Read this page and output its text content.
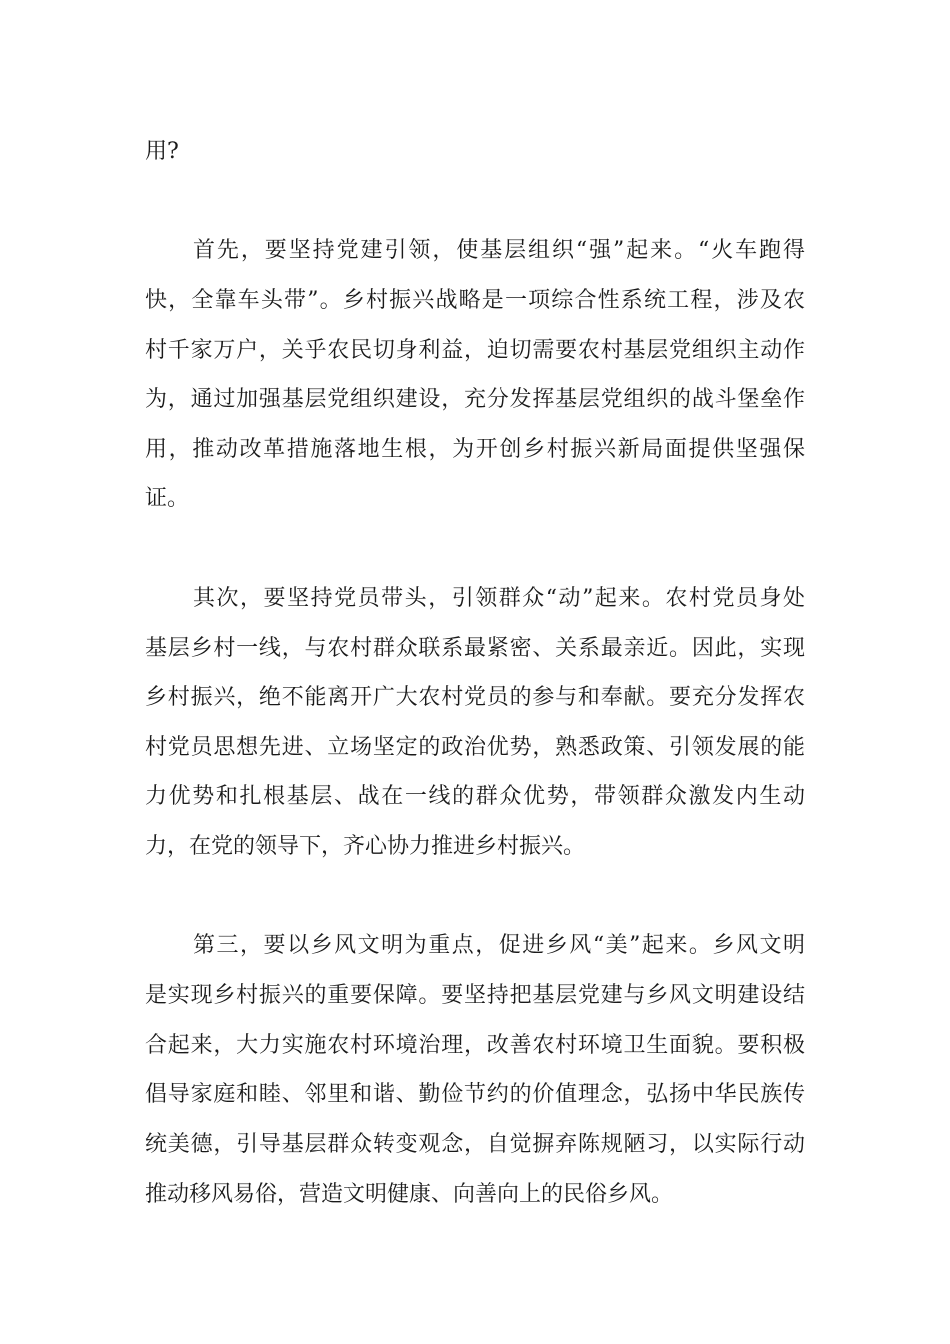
用?
首先，要坚持党建引领，使基层组织“强”起来。“火车跑得
快，全靠车头带”。乡村振兴战略是一项综合性系统工程，涉及农
村千家万户，关乎农民切身利益，迫切需要农村基层党组织主动作
为，通过加强基层党组织建设，充分发挥基层党组织的战斗堡垒作
用，推动改革措施落地生根，为开创乡村振兴新局面提供坚强保
证。
其次，要坚持党员带头，引领群众“动”起来。农村党员身处
基层乡村一线，与农村群众联系最紧密、关系最亲近。因此，实现
乡村振兴，绝不能离开广大农村党员的参与和奉献。要充分发挥农
村党员思想先进、立场坚定的政治优势，熟悉政策、引领发展的能
力优势和扎根基层、战在一线的群众优势，带领群众激发内生动
力，在党的领导下，齐心协力推进乡村振兴。
第三，要以乡风文明为重点，促进乡风“美”起来。乡风文明
是实现乡村振兴的重要保障。要坚持把基层党建与乡风文明建设结
合起来，大力实施农村环境治理，改善农村环境卫生面貌。要积极
倡导家庭和睦、邻里和谐、勤俭节约的价值理念，弘扬中华民族传
统美德，引导基层群众转变观念，自觉摒弃陈规陋习，以实际行动
推动移风易俗，营造文明健康、向善向上的民俗乡风。
